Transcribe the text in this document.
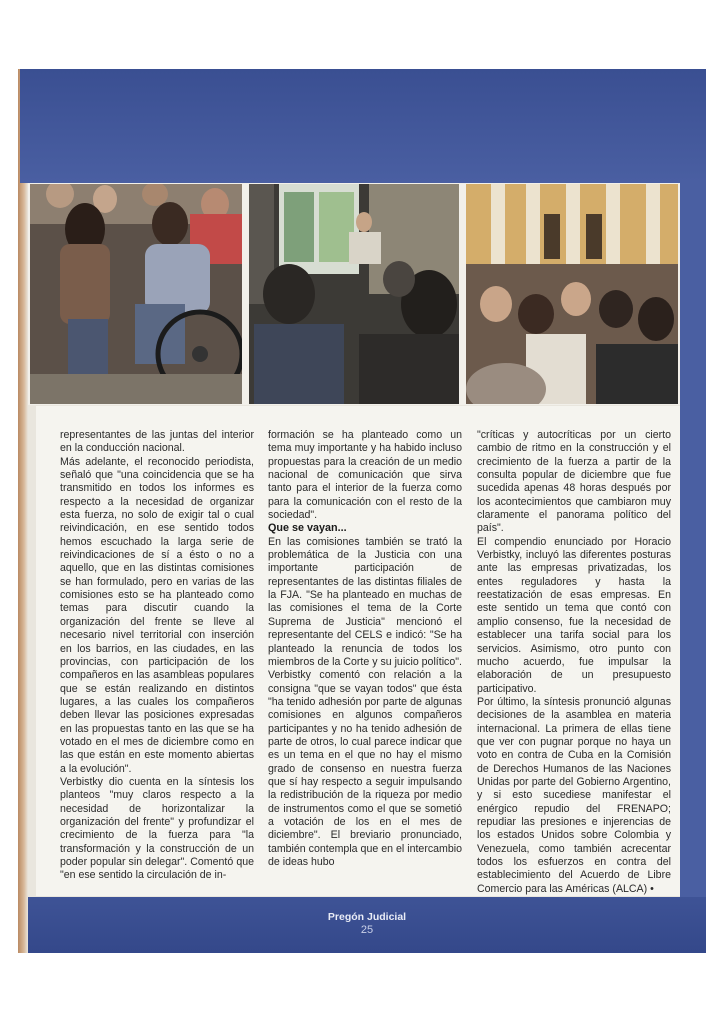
representantes de las juntas del interior en la conducción nacional.

Más adelante, el reconocido periodista, señaló que "una coincidencia que se ha transmitido en todos los informes es respecto a la necesidad de organizar esta fuerza, no solo de exigir tal o cual reivindicación, en ese sentido todos hemos escuchado la larga serie de reivindicaciones de sí a ésto o no a aquello, que en las distintas comisiones se han formulado, pero en varias de las comisiones esto se ha planteado como temas para discutir cuando la organización del frente se lleve al necesario nivel territorial con inserción en los barrios, en las ciudades, en las provincias, con participación de los compañeros en las asambleas populares que se están realizando en distintos lugares, a las cuales los compañeros deben llevar las posiciones expresadas en las propuestas tanto en las que se ha votado en el mes de diciembre como en las que están en este momento abiertas a la evolución".

Verbistky dio cuenta en la síntesis los planteos "muy claros respecto a la necesidad de horizontalizar la organización del frente" y profundizar el crecimiento de la fuerza para "la transformación y la construcción de un poder popular sin delegar". Comentó que "en ese sentido la circulación de in-

formación se ha planteado como un tema muy importante y ha habido incluso propuestas para la creación de un medio nacional de comunicación que sirva tanto para el interior de la fuerza como para la comunicación con el resto de la sociedad".

Que se vayan...

En las comisiones también se trató la problemática de la Justicia con una importante participación de representantes de las distintas filiales de la FJA. "Se ha planteado en muchas de las comisiones el tema de la Corte Suprema de Justicia" mencionó el representante del CELS e indicó: "Se ha planteado la renuncia de todos los miembros de la Corte y su juicio político".

Verbistky comentó con relación a la consigna "que se vayan todos" que ésta "ha tenido adhesión por parte de algunas comisiones en algunos compañeros participantes y no ha tenido adhesión de parte de otros, lo cual parece indicar que es un tema en el que no hay el mismo grado de consenso en nuestra fuerza que sí hay respecto a seguir impulsando la redistribución de la riqueza por medio de instrumentos como el que se sometió a votación de los en el mes de diciembre". El breviario pronunciado, también contempla que en el intercambio de ideas hubo

"críticas y autocríticas por un cierto cambio de ritmo en la construcción y el crecimiento de la fuerza a partir de la consulta popular de diciembre que fue sucedida apenas 48 horas después por los acontecimientos que cambiaron muy claramente el panorama político del país".

El compendio enunciado por Horacio Verbistky, incluyó las diferentes posturas ante las empresas privatizadas, los entes reguladores y hasta la reestatización de esas empresas. En este sentido un tema que contó con amplio consenso, fue la necesidad de establecer una tarifa social para los servicios. Asimismo, otro punto con mucho acuerdo, fue impulsar la elaboración de un presupuesto participativo.

Por último, la síntesis pronunció algunas decisiones de la asamblea en materia internacional. La primera de ellas tiene que ver con pugnar porque no haya un voto en contra de Cuba en la Comisión de Derechos Humanos de las Naciones Unidas por parte del Gobierno Argentino, y si esto sucediese manifestar el enérgico repudio del FRENAPO; repudiar las presiones e injerencias de los estados Unidos sobre Colombia y Venezuela, como también acrecentar todos los esfuerzos en contra del establecimiento del Acuerdo de Libre Comercio para las Américas (ALCA) •

Pregón Judicial
25
